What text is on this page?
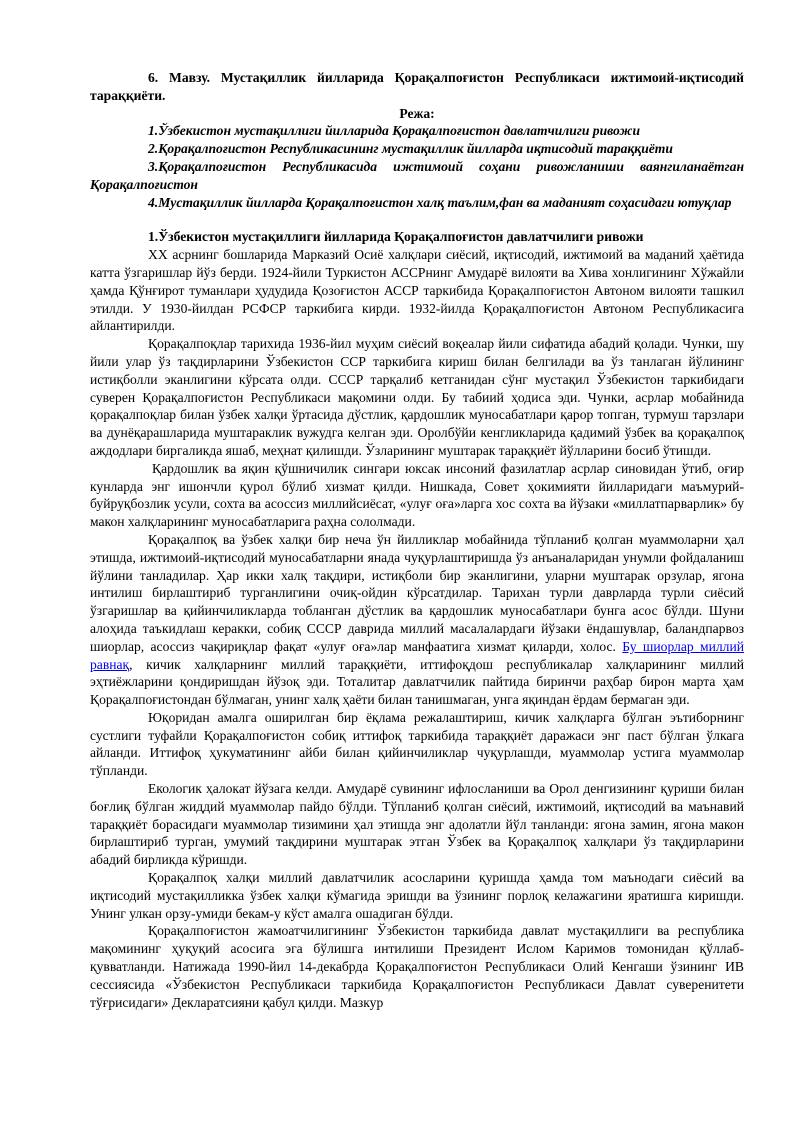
6. Мавзу. Мустақиллик йилларида Қорақалпоғистон Республикаси ижтимоий-иқтисодий тараққиёти.

Режа:

1.Ўзбекистон мустақиллиги йилларида Қорақалпоғистон давлатчилиги ривожи

2.Қорақалпоғистон Республикасининг мустақиллик йилларда иқтисодий тараққиёти

3.Қорақалпоғистон Республикасида ижтимоий соҳани ривожланиши ваянгиланаётган Қорақалпоғистон

4.Мустақиллик йилларда Қорақалпоғистон халқ таълим,фан ва маданият соҳасидаги ютуқлар

1.Ўзбекистон мустақиллиги йилларида Қорақалпоғистон давлатчилиги ривожи

XX асрнинг бошларида Марказий Осиё халқлари сиёсий, иқтисодий, ижтимоий ва маданий ҳаётида катта ўзгаришлар йўз берди. 1924-йили Туркистон АССРнинг Амударё вилояти ва Хива хонлигининг Хўжайли ҳамда Қўнғирот туманлари ҳудудида Қозоғистон АССР таркибида Қорақалпоғистон Автоном вилояти ташкил этилди. У 1930-йилдан РСФСР таркибига кирди. 1932-йилда Қорақалпоғистон Автоном Республикасига айлантирилди.

Қорақалпоқлар тарихида 1936-йил муҳим сиёсий воқеалар йили сифатида абадий қолади. Чунки, шу йили улар ўз тақдирларини Ўзбекистон ССР таркибига кириш билан белгилади ва ўз танлаган йўлининг истиқболли эканлигини кўрсата олди. СССР тарқалиб кетганидан сўнг мустақил Ўзбекистон таркибидаги суверен Қорақалпоғистон Республикаси мақомини олди. Бу табиий ҳодиса эди. Чунки, асрлар мобайнида қорақалпоқлар билан ўзбек халқи ўртасида дўстлик, қардошлик муносабатлари қарор топган, турмуш тарзлари ва дунёқарашларида муштараклик вужудга келган эди. Оролбўйи кенгликларида қадимий ўзбек ва қорақалпоқ аждодлари биргаликда яшаб, меҳнат қилишди. Ўзларининг муштарак тараққиёт йўлларини босиб ўтишди.

Қардошлик ва яқин қўшничилик сингари юксак инсоний фазилатлар асрлар синовидан ўтиб, оғир кунларда энг ишончли қурол бўлиб хизмат қилди. Нишкада, Совет ҳокимияти йилларидаги маъмурий-буйруқбозлик усули, сохта ва асоссиз миллийсиёсат, «улуғ оға»ларга хос сохта ва йўзаки «миллатпарварлик» бу макон халқларининг муносабатларига раҳна сололмади.

Қорақалпоқ ва ўзбек халқи бир неча ўн йилликлар мобайнида тўпланиб қолган муаммоларни ҳал этишда, ижтимоий-иқтисодий муносабатларни янада чуқурлаштиришда ўз анъаналаридан унумли фойдаланиш йўлини танладилар. Ҳар икки халқ тақдири, истиқболи бир эканлигини, уларни муштарак орзулар, ягона интилиш бирлаштириб турганлигини очиқ-ойдин кўрсатдилар. Тарихан турли даврларда турли сиёсий ўзгаришлар ва қийинчиликларда тобланган дўстлик ва қардошлик муносабатлари бунга асос бўлди. Шуни алоҳида таъкидлаш керакки, собиқ СССР даврида миллий масалалардаги йўзаки ёндашувлар, баландпарвоз шиорлар, асоссиз чақириқлар фақат «улуғ оға»лар манфаатига хизмат қиларди, холос. Бу шиорлар миллий равнақ, кичик халқларнинг миллий тараққиёти, иттифоқдош республикалар халқларининг миллий эҳтиёжларини қондиришдан йўзоқ эди. Тоталитар давлатчилик пайтида биринчи раҳбар бирон марта ҳам Қорақалпоғистондан бўлмаган, унинг халқ ҳаёти билан танишмаган, унга яқиндан ёрдам бермаган эди.

Юқоридан амалга оширилган бир ёқлама режалаштириш, кичик халқларга бўлган эътиборнинг сустлиги туфайли Қорақалпоғистон собиқ иттифоқ таркибида тараққиёт даражаси энг паст бўлган ўлкага айланди. Иттифоқ ҳукуматининг айби билан қийинчиликлар чуқурлашди, муаммолар устига муаммолар тўпланди.

Екологик ҳалокат йўзага келди. Амударё сувининг ифлосланиши ва Орол денгизининг қуриши билан боғлиқ бўлган жиддий муаммолар пайдо бўлди. Тўпланиб қолган сиёсий, ижтимоий, иқтисодий ва маънавий тараққиёт борасидаги муаммолар тизимини ҳал этишда энг адолатли йўл танланди: ягона замин, ягона макон бирлаштириб турган, умумий тақдирини муштарак этган Ўзбек ва Қорақалпоқ халқлари ўз тақдирларини абадий бирликда кўришди.

Қорақалпоқ халқи миллий давлатчилик асосларини қуришда ҳамда том маънодаги сиёсий ва иқтисодий мустақилликка ўзбек халқи кўмагида эришди ва ўзининг порлоқ келажагини яратишга киришди. Унинг улкан орзу-умиди бекам-у кўст амалга ошадиган бўлди.

Қорақалпоғистон жамоатчилигининг Ўзбекистон таркибида давлат мустақиллиги ва республика мақомининг ҳуқуқий асосига эга бўлишга интилиши Президент Ислом Каримов томонидан қўллаб-қувватланди. Натижада 1990-йил 14-декабрда Қорақалпоғистон Республикаси Олий Кенгаши ўзининг ИВ сессиясида «Ўзбекистон Республикаси таркибида Қорақалпоғистон Республикаси Давлат суверенитети тўғрисидаги» Декларатсияни қабул қилди. Мазкур
